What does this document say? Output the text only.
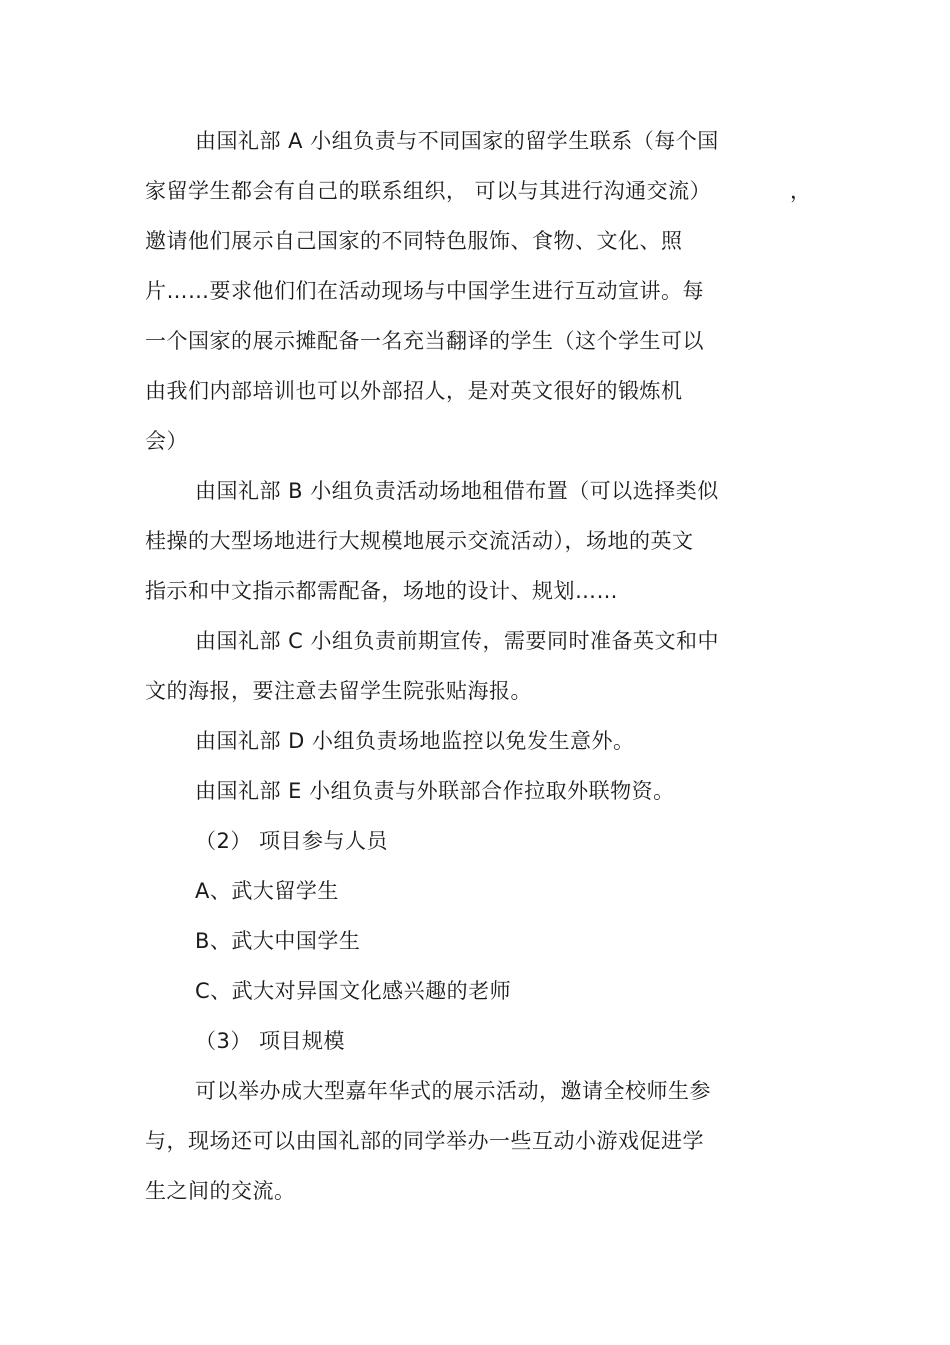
由国礼部 A 小组负责与不同国家的留学生联系（每个国
家留学生都会有自己的联系组织， 可以与其进行沟通交流）	，
邀请他们展示自己国家的不同特色服饰、食物、文化、照
片……要求他们们在活动现场与中国学生进行互动宣讲。每
一个国家的展示摊配备一名充当翻译的学生（这个学生可以
由我们内部培训也可以外部招人，是对英文很好的锻炼机
会）
由国礼部 B 小组负责活动场地租借布置（可以选择类似
桂操的大型场地进行大规模地展示交流活动），场地的英文
指示和中文指示都需配备，场地的设计、规划……
由国礼部 C 小组负责前期宣传，需要同时准备英文和中
文的海报，要注意去留学生院张贴海报。
由国礼部 D 小组负责场地监控以免发生意外。
由国礼部 E 小组负责与外联部合作拉取外联物资。
（2） 项目参与人员
A、武大留学生
B、武大中国学生
C、武大对异国文化感兴趣的老师
（3） 项目规模
可以举办成大型嘉年华式的展示活动，邀请全校师生参
与，现场还可以由国礼部的同学举办一些互动小游戏促进学
生之间的交流。
